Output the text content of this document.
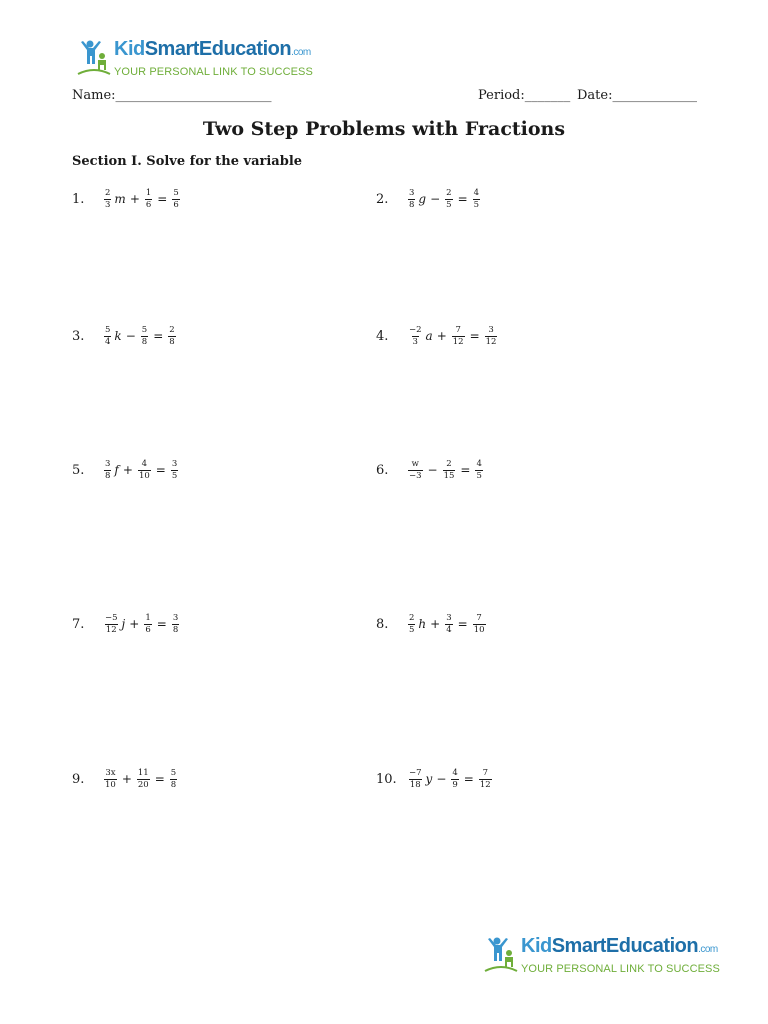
KidSmartEducation.com
YOUR PERSONAL LINK TO SUCCESS
Name:________________________	Period:_______ Date:_____________
Two Step Problems with Fractions
Section I. Solve for the variable
1.	$\frac{2}{3}$ $m + \frac{1}{6} = \frac{5}{6}$	2.	$\frac{3}{8}$ $g - \frac{2}{5} = \frac{4}{5}$
3.	$\frac{5}{4}$ $k - \frac{5}{8} = \frac{2}{8}$	4.	$\frac{-2}{3}$ $a + \frac{7}{12} = \frac{3}{12}$
5.	$\frac{3}{8}$ $f + \frac{4}{10} = \frac{3}{5}$	6.	$\frac{w}{-3} - \frac{2}{15} = \frac{4}{5}$
7.	$\frac{-5}{12}$ $j + \frac{1}{6} = \frac{3}{8}$	8.	$\frac{2}{5}$ $h + \frac{3}{4} = \frac{7}{10}$
9.	$\frac{3x}{10} + \frac{11}{20} = \frac{5}{8}$	10.	$\frac{-7}{18}$ $y - \frac{4}{9} = \frac{7}{12}$
KidSmartEducation.com
YOUR PERSONAL LINK TO SUCCESS
